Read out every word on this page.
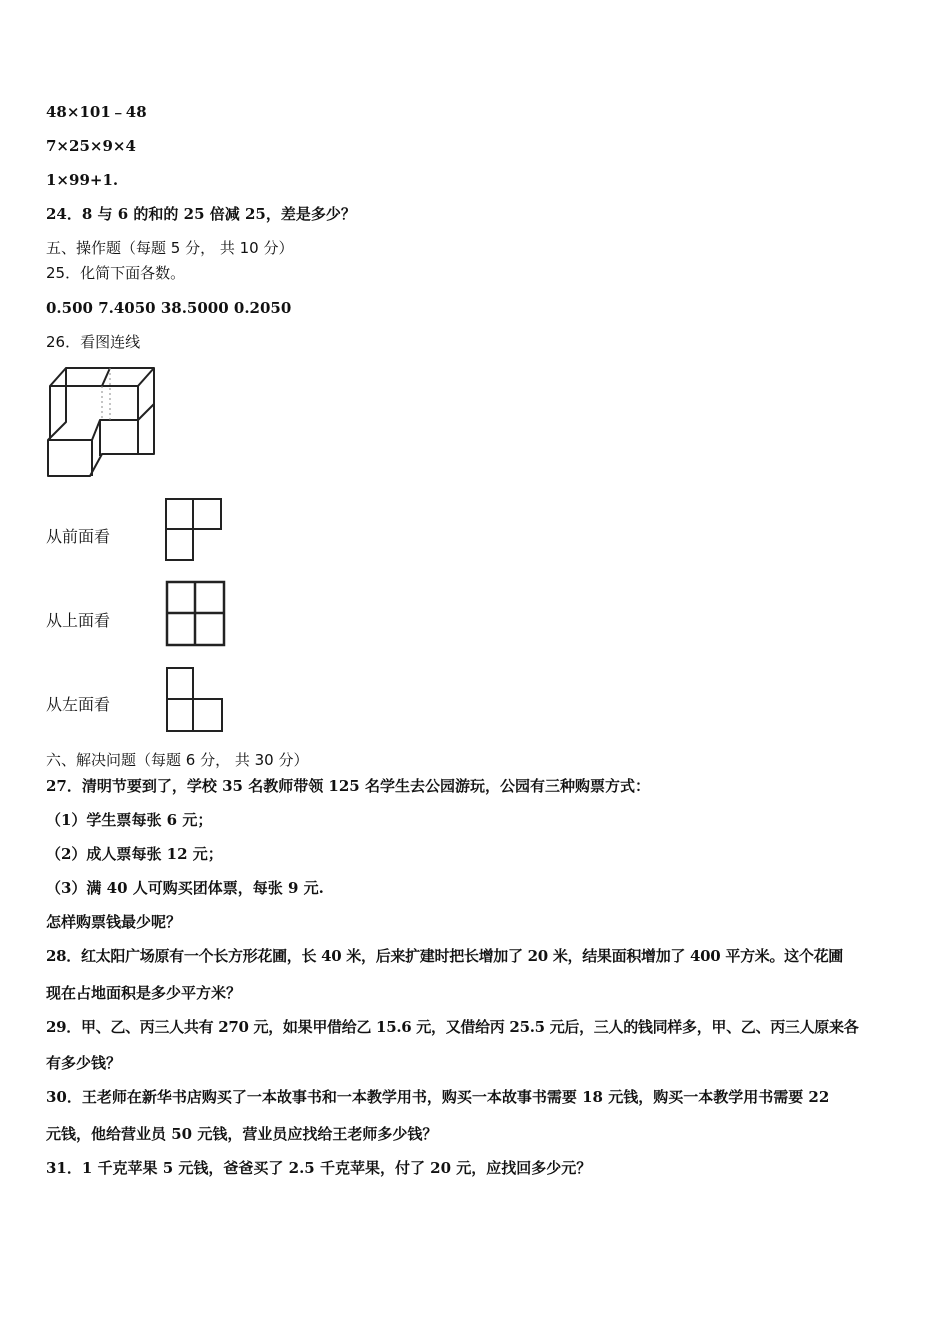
48×101﹣48
7×25×9×4
1×99+1.
24．8 与 6 的和的 25 倍减 25，差是多少？
五、操作题（每题 5 分， 共 10 分）
25．化简下面各数。
0.500 7.4050 38.5000 0.2050
26．看图连线
从前面看
从上面看
从左面看
六、解决问题（每题 6 分， 共 30 分）
27．清明节要到了，学校 35 名教师带领 125 名学生去公园游玩，公园有三种购票方式：
（1）学生票每张 6 元；
（2）成人票每张 12 元；
（3）满 40 人可购买团体票，每张 9 元.
怎样购票钱最少呢？
28．红太阳广场原有一个长方形花圃，长 40 米，后来扩建时把长增加了 20 米，结果面积增加了 400 平方米。这个花圃
现在占地面积是多少平方米？
29．甲、乙、丙三人共有 270 元，如果甲借给乙 15.6 元，又借给丙 25.5 元后，三人的钱同样多，甲、乙、丙三人原来各
有多少钱？
30．王老师在新华书店购买了一本故事书和一本教学用书，购买一本故事书需要 18 元钱，购买一本教学用书需要 22
元钱，他给营业员 50 元钱，营业员应找给王老师多少钱？
31．1 千克苹果 5 元钱，爸爸买了 2.5 千克苹果，付了 20 元，应找回多少元？
